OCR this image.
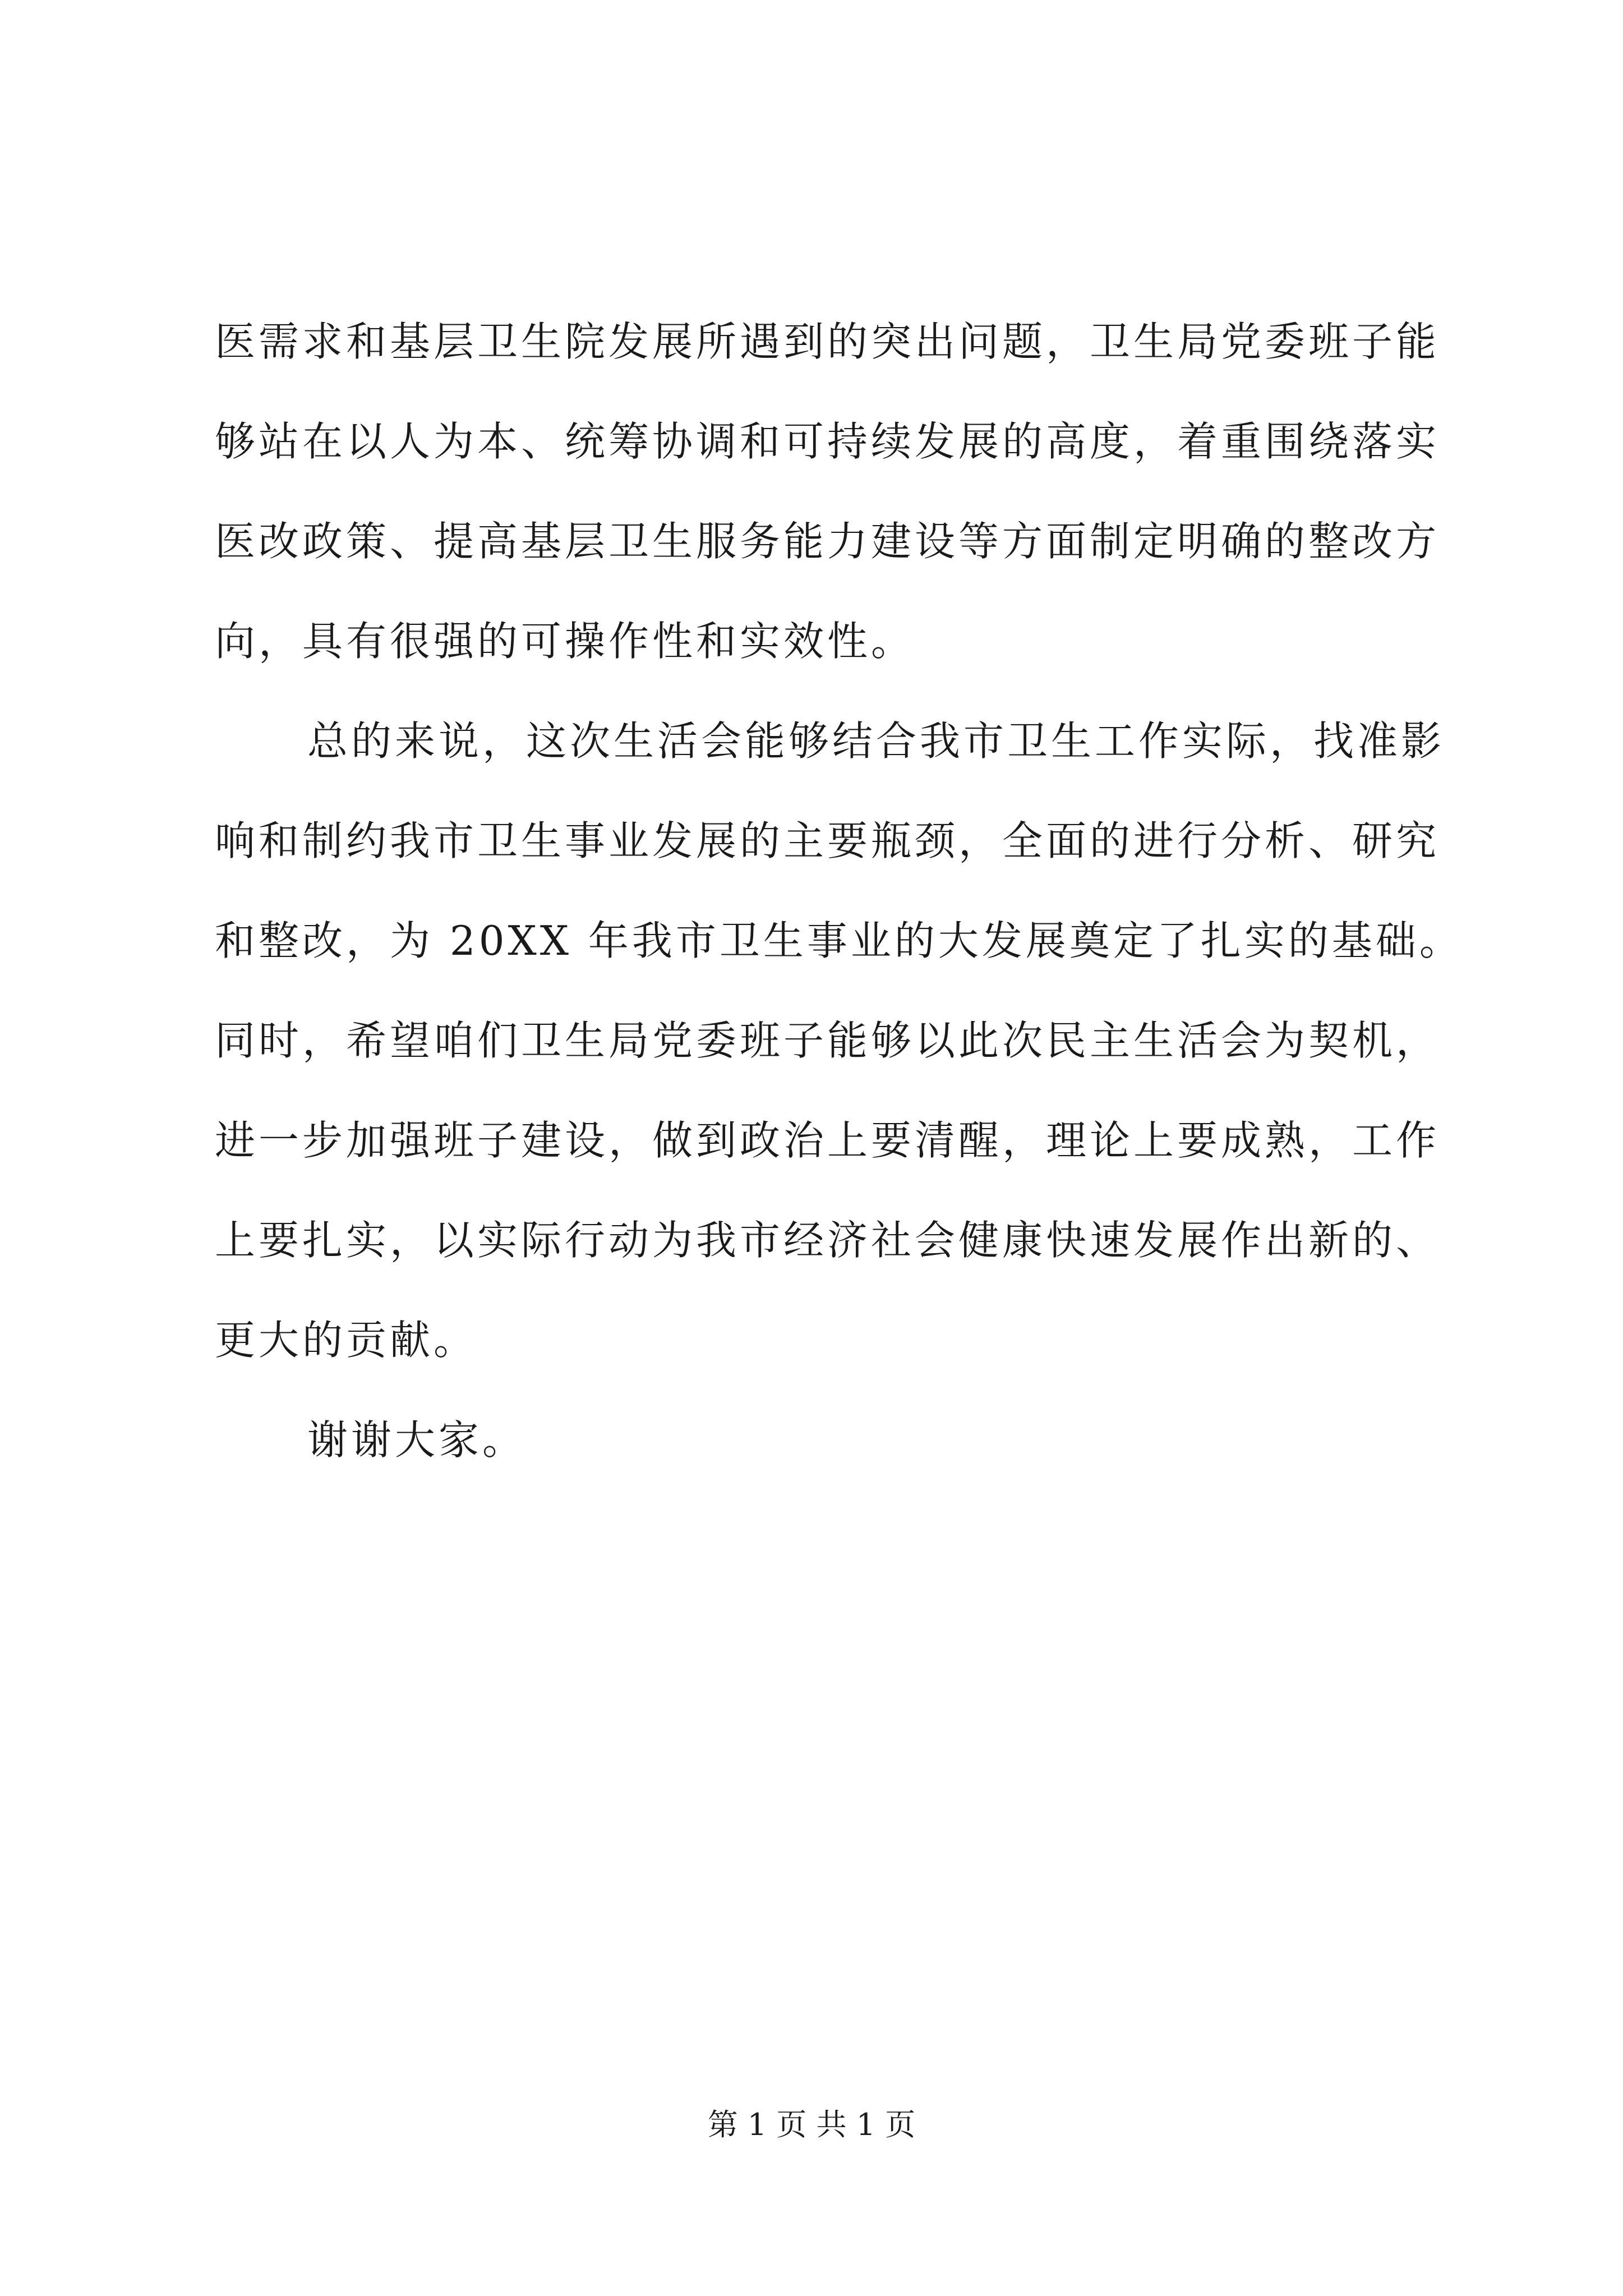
医需求和基层卫生院发展所遇到的突出问题，卫生局党委班子能
够站在以人为本、统筹协调和可持续发展的高度，着重围绕落实
医改政策、提高基层卫生服务能力建设等方面制定明确的整改方
向，具有很强的可操作性和实效性。
总的来说，这次生活会能够结合我市卫生工作实际，找准影
响和制约我市卫生事业发展的主要瓶颈，全面的进行分析、研究
和整改，为 20XX 年我市卫生事业的大发展奠定了扎实的基础。
同时，希望咱们卫生局党委班子能够以此次民主生活会为契机，
进一步加强班子建设，做到政治上要清醒，理论上要成熟，工作
上要扎实，以实际行动为我市经济社会健康快速发展作出新的、
更大的贡献。
谢谢大家。
第 1 页 共 1 页
